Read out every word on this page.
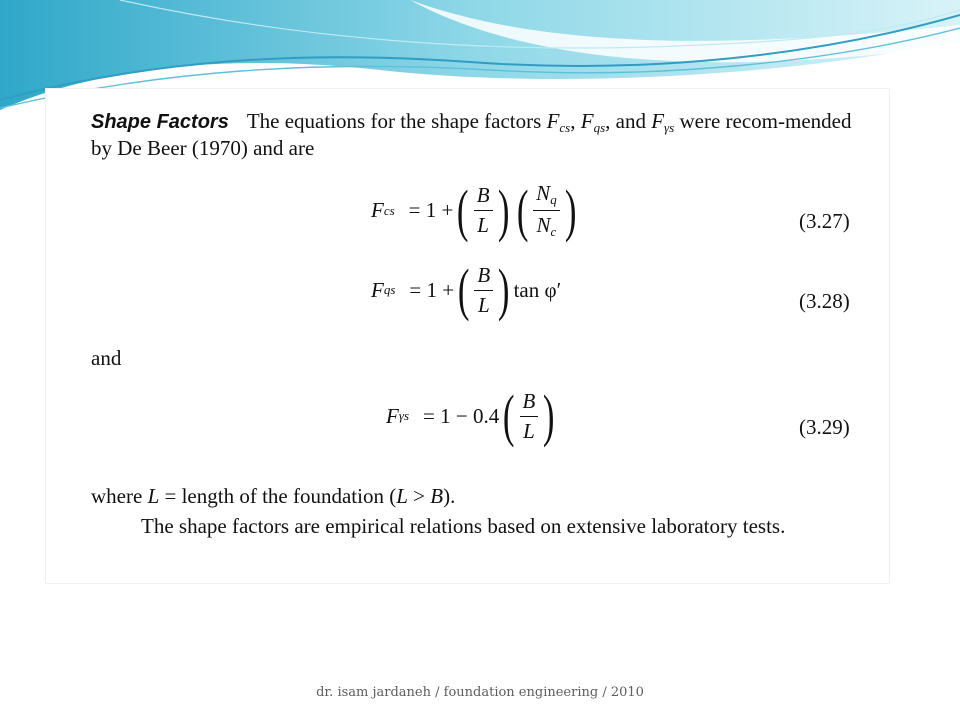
Shape Factors The equations for the shape factors $F_{cs}$, $F_{qs}$, and $F_{\gamma s}$ were recom-mended by De Beer (1970) and are
F cs = 1 + ( $\frac{B}{L}$ ) ( $\frac{N_q}{N_c}$ )	(3.27)
F qs = 1 + ( $\frac{B}{L}$ ) tan φ′	(3.28)
and
F γs = 1 − 0.4 ( $\frac{B}{L}$ )	(3.29)
where L = length of the foundation (L > B).
The shape factors are empirical relations based on extensive laboratory tests.
dr. isam jardaneh / foundation engineering / 2010
